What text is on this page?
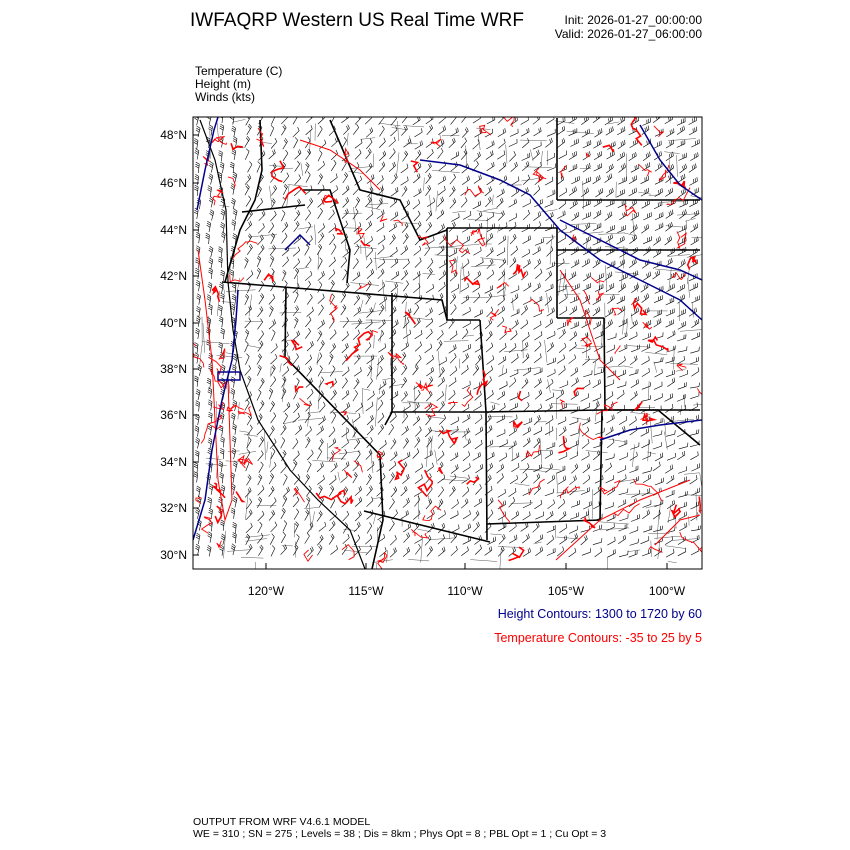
IWFAQRP Western US Real Time WRF	Init: 2026-01-27_00:00:00
Valid: 2026-01-27_06:00:00
Temperature (C)
Height (m)
Winds (kts)
48°N
46°N
44°N
42°N
40°N
38°N
36°N
34°N
32°N
30°N
120°W	115°W	110°W	105°W	100°W
Height Contours: 1300 to 1720 by 60
Temperature Contours: -35 to 25 by 5
OUTPUT FROM WRF V4.6.1 MODEL
WE = 310 ; SN = 275 ; Levels = 38 ; Dis = 8km ; Phys Opt = 8 ; PBL Opt = 1 ; Cu Opt = 3
